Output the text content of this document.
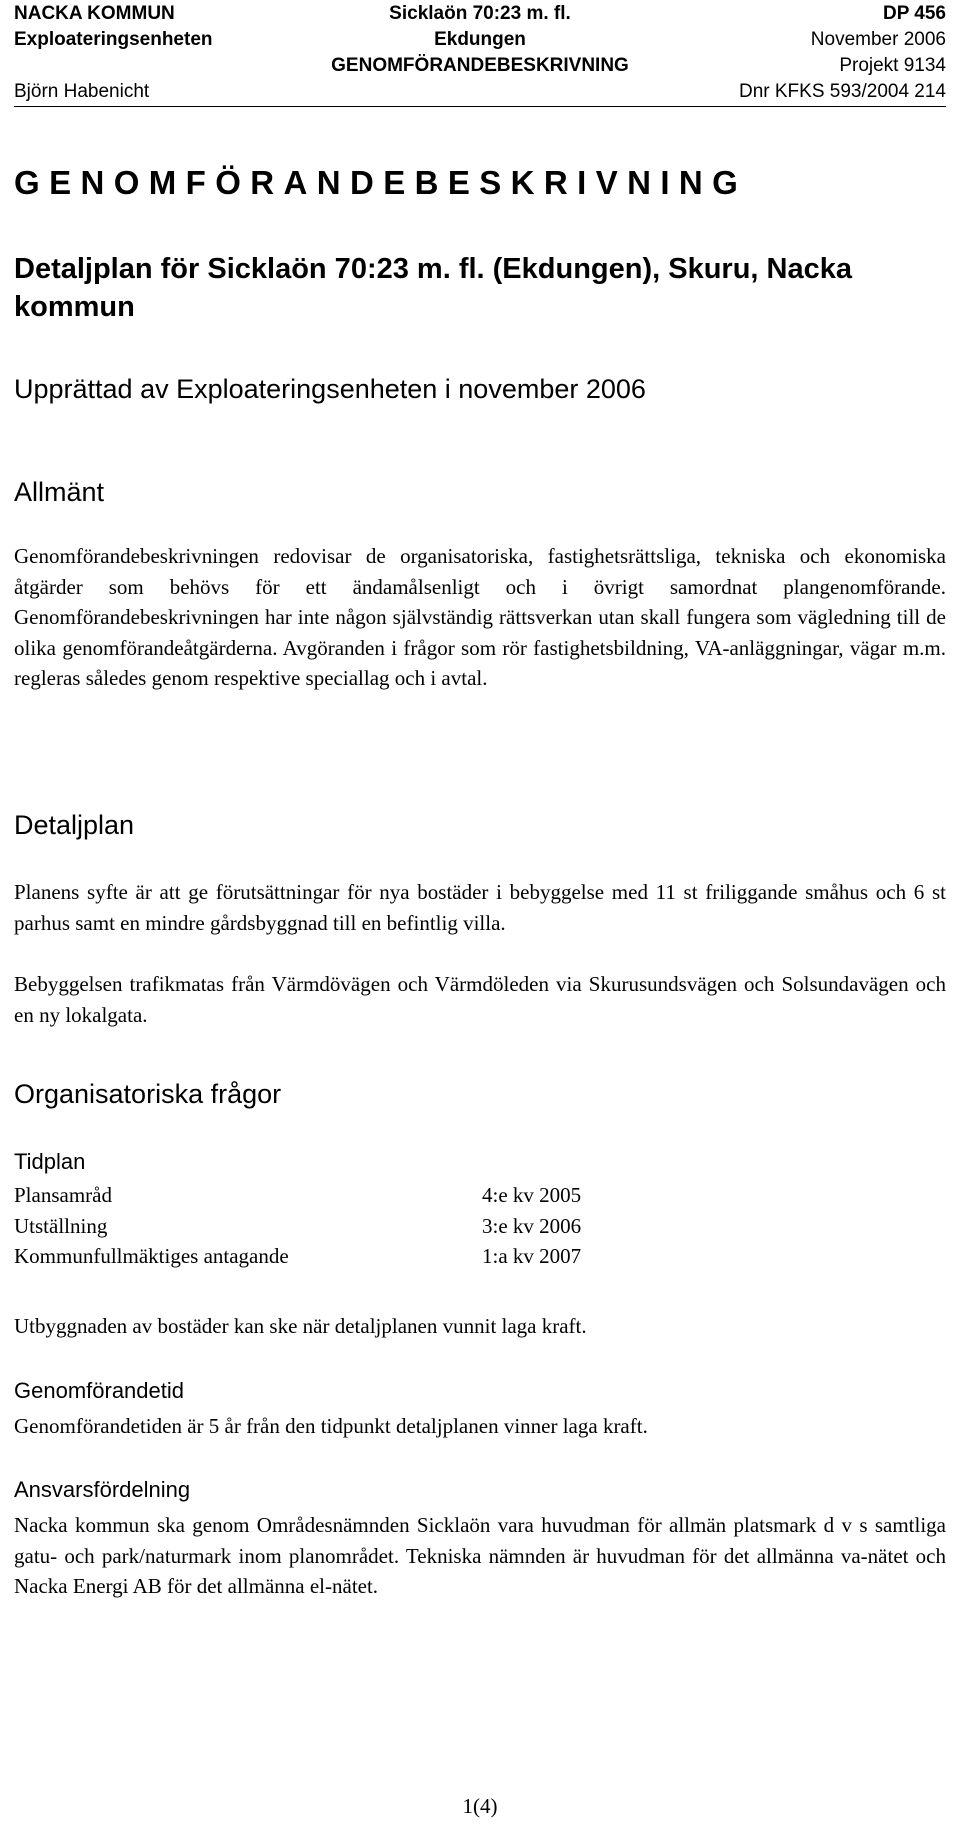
NACKA KOMMUN	Sicklaön 70:23 m. fl.	DP 456
Exploateringsenheten	Ekdungen	November 2006
GENOMFÖRANDEBESKRIVNING	Projekt 9134
Björn Habenicht	Dnr KFKS 593/2004 214
GENOMFÖRANDEBESKRIVNING
Detaljplan för Sicklaön 70:23 m. fl. (Ekdungen), Skuru, Nacka kommun
Upprättad av Exploateringsenheten i november 2006
Allmänt
Genomförandebeskrivningen redovisar de organisatoriska, fastighetsrättsliga, tekniska och ekonomiska åtgärder som behövs för ett ändamålsenligt och i övrigt samordnat plangenomförande. Genomförandebeskrivningen har inte någon självständig rättsverkan utan skall fungera som vägledning till de olika genomförandeåtgärderna. Avgöranden i frågor som rör fastighetsbildning, VA-anläggningar, vägar m.m. regleras således genom respektive speciallag och i avtal.
Detaljplan
Planens syfte är att ge förutsättningar för nya bostäder i bebyggelse med 11 st friliggande småhus och 6 st parhus samt en mindre gårdsbyggnad till en befintlig villa.
Bebyggelsen trafikmatas från Värmdövägen och Värmdöleden via Skurusundsvägen och Solsundavägen och en ny lokalgata.
Organisatoriska frågor
Tidplan
Plansamråd	4:e kv 2005
Utställning	3:e kv 2006
Kommunfullmäktiges antagande	1:a kv 2007
Utbyggnaden av bostäder kan ske när detaljplanen vunnit laga kraft.
Genomförandetid
Genomförandetiden är 5 år från den tidpunkt detaljplanen vinner laga kraft.
Ansvarsfördelning
Nacka kommun ska genom Områdesnämnden Sicklaön vara huvudman för allmän platsmark d v s samtliga gatu- och park/naturmark inom planområdet. Tekniska nämnden är huvudman för det allmänna va-nätet och Nacka Energi AB för det allmänna el-nätet.
1(4)
